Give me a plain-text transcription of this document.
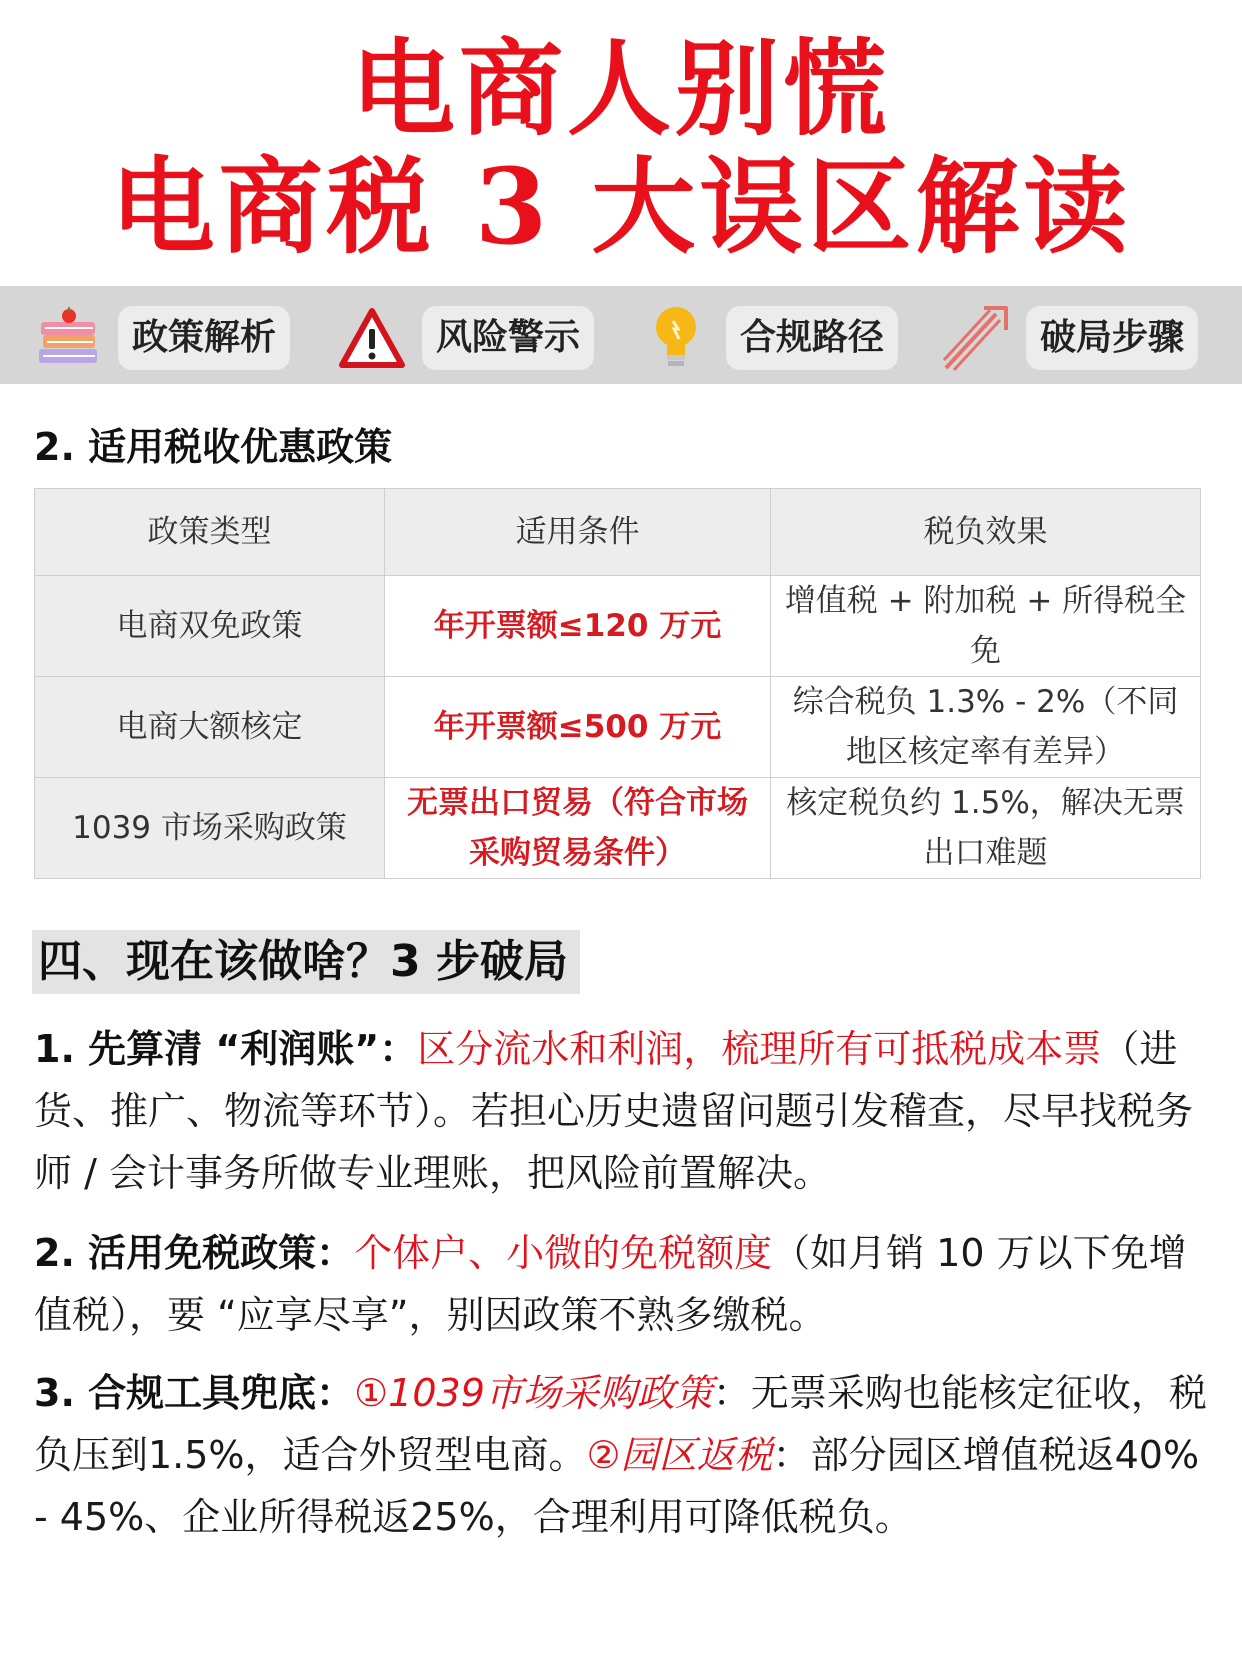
电商人别慌
电商税 3 大误区解读
政策解析	风险警示	合规路径	破局步骤
2. 适用税收优惠政策
政策类型	适用条件	税负效果
电商双免政策	年开票额≤120 万元	增值税 + 附加税 + 所得税全免
电商大额核定	年开票额≤500 万元	综合税负 1.3% - 2%（不同地区核定率有差异）
1039 市场采购政策	无票出口贸易（符合市场采购贸易条件）	核定税负约 1.5%，解决无票出口难题
四、现在该做啥？3 步破局
1. 先算清 “利润账”：区分流水和利润，梳理所有可抵税成本票（进货、推广、物流等环节）。若担心历史遗留问题引发稽查，尽早找税务师 / 会计事务所做专业理账，把风险前置解决。
2. 活用免税政策：个体户、小微的免税额度（如月销 10 万以下免增值税），要 “应享尽享”，别因政策不熟多缴税。
3. 合规工具兜底：①1039市场采购政策：无票采购也能核定征收，税负压到1.5%，适合外贸型电商。②园区返税：部分园区增值税返40% - 45%、企业所得税返25%，合理利用可降低税负。
